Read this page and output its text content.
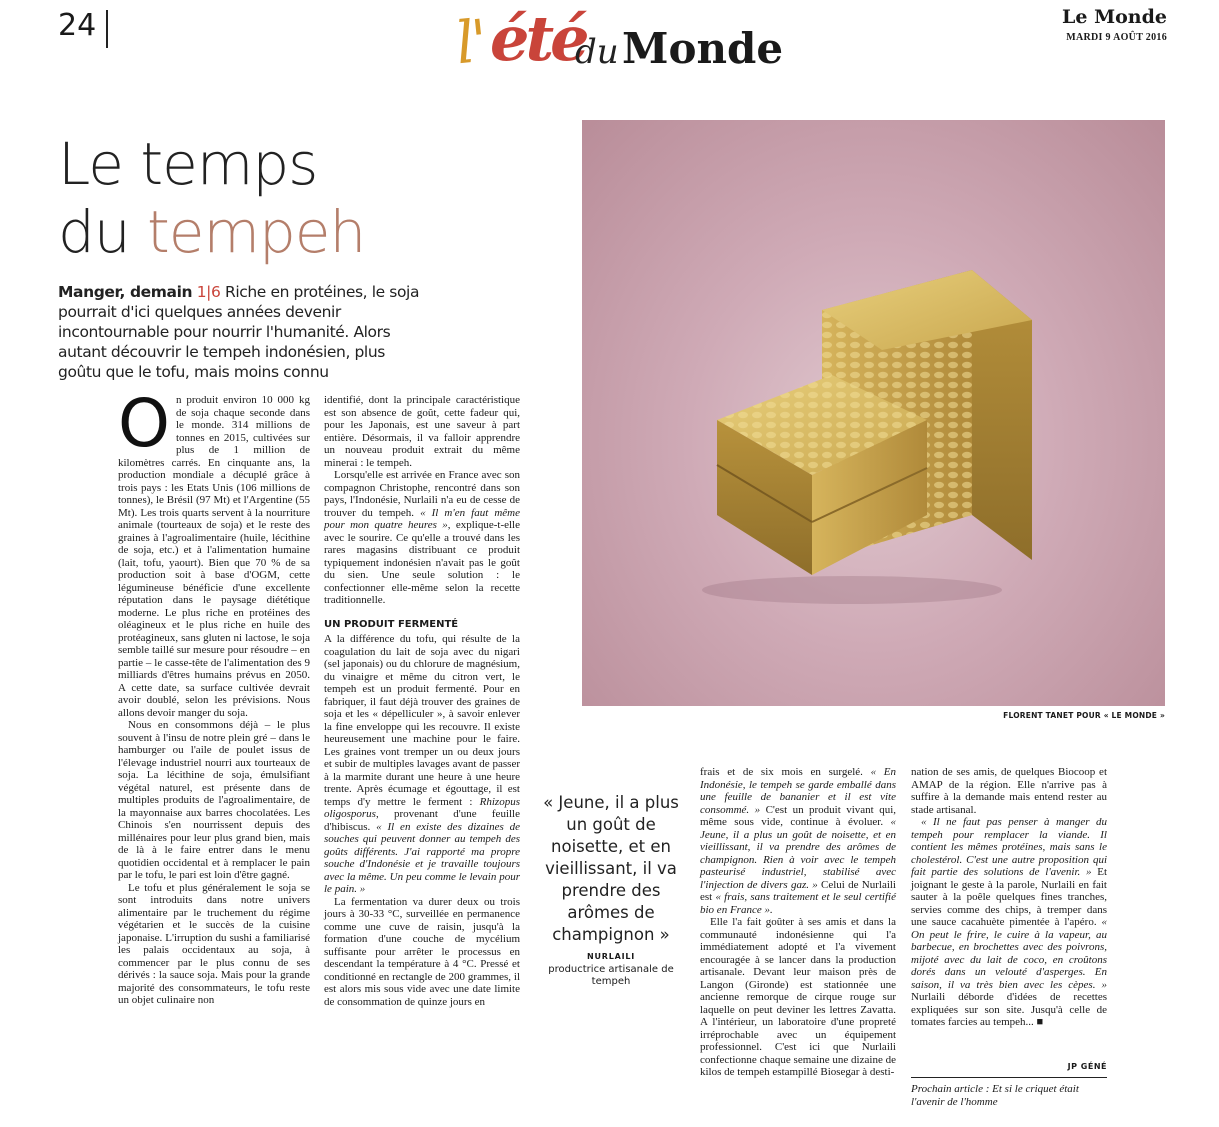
24	l' été
du Monde
Le Monde
MARDI 9 AOÛT 2016
Le temps
du tempeh
Manger, demain 1|6 Riche en protéines, le soja pourrait d'ici quelques années devenir incontournable pour nourrir l'humanité. Alors autant découvrir le tempeh indonésien, plus goûtu que le tofu, mais moins connu
FLORENT TANET POUR « LE MONDE »

On produit environ 10 000 kg de soja chaque seconde dans le monde. 314 millions de tonnes en 2015, cultivées sur plus de 1 million de kilomètres carrés. En cinquante ans, la production mondiale a décuplé grâce à trois pays : les Etats Unis (106 millions de tonnes), le Brésil (97 Mt) et l'Argentine (55 Mt). Les trois quarts servent à la nourriture animale (tourteaux de soja) et le reste des graines à l'agroalimentaire (huile, lécithine de soja, etc.) et à l'alimentation humaine (lait, tofu, yaourt). Bien que 70 % de sa production soit à base d'OGM, cette légumineuse bénéficie d'une excellente réputation dans le paysage diététique moderne. Le plus riche en protéines des oléagineux et le plus riche en huile des protéagineux, sans gluten ni lactose, le soja semble taillé sur mesure pour résoudre – en partie – le casse-tête de l'alimentation des 9 milliards d'êtres humains prévus en 2050. A cette date, sa surface cultivée devrait avoir doublé, selon les prévisions. Nous allons devoir manger du soja.

Nous en consommons déjà – le plus souvent à l'insu de notre plein gré – dans le hamburger ou l'aile de poulet issus de l'élevage industriel nourri aux tourteaux de soja. La lécithine de soja, émulsifiant végétal naturel, est présente dans de multiples produits de l'agroalimentaire, de la mayonnaise aux barres chocolatées. Les Chinois s'en nourrissent depuis des millénaires pour leur plus grand bien, mais de là à le faire entrer dans le menu quotidien occidental et à remplacer le pain par le tofu, le pari est loin d'être gagné.

Le tofu et plus généralement le soja se sont introduits dans notre univers alimentaire par le truchement du régime végétarien et le succès de la cuisine japonaise. L'irruption du sushi a familiarisé les palais occidentaux au soja, à commencer par le plus connu de ses dérivés : la sauce soja. Mais pour la grande majorité des consommateurs, le tofu reste un objet culinaire non

identifié, dont la principale caractéristique est son absence de goût, cette fadeur qui, pour les Japonais, est une saveur à part entière. Désormais, il va falloir apprendre un nouveau produit extrait du même minerai : le tempeh.

Lorsqu'elle est arrivée en France avec son compagnon Christophe, rencontré dans son pays, l'Indonésie, Nurlaili n'a eu de cesse de trouver du tempeh. « Il m'en faut même pour mon quatre heures », explique-t-elle avec le sourire. Ce qu'elle a trouvé dans les rares magasins distribuant ce produit typiquement indonésien n'avait pas le goût du sien. Une seule solution : le confectionner elle-même selon la recette traditionnelle.

UN PRODUIT FERMENTÉ

A la différence du tofu, qui résulte de la coagulation du lait de soja avec du nigari (sel japonais) ou du chlorure de magnésium, du vinaigre et même du citron vert, le tempeh est un produit fermenté. Pour en fabriquer, il faut déjà trouver des graines de soja et les « dépelliculer », à savoir enlever la fine enveloppe qui les recouvre. Il existe heureusement une machine pour le faire. Les graines vont tremper un ou deux jours et subir de multiples lavages avant de passer à la marmite durant une heure à une heure trente. Après écumage et égouttage, il est temps d'y mettre le ferment : Rhizopus oligosporus, provenant d'une feuille d'hibiscus. « Il en existe des dizaines de souches qui peuvent donner au tempeh des goûts différents. J'ai rapporté ma propre souche d'Indonésie et je travaille toujours avec la même. Un peu comme le levain pour le pain. »

La fermentation va durer deux ou trois jours à 30-33 °C, surveillée en permanence comme une cuve de raisin, jusqu'à la formation d'une couche de mycélium suffisante pour arrêter le processus en descendant la température à 4 °C. Pressé et conditionné en rectangle de 200 grammes, il est alors mis sous vide avec une date limite de consommation de quinze jours en

« Jeune, il a plus un goût de noisette, et en vieillissant, il va prendre des arômes de champignon »
NURLAILI
productrice artisanale de tempeh

frais et de six mois en surgelé. « En Indonésie, le tempeh se garde emballé dans une feuille de bananier et il est vite consommé. » C'est un produit vivant qui, même sous vide, continue à évoluer. « Jeune, il a plus un goût de noisette, et en vieillissant, il va prendre des arômes de champignon. Rien à voir avec le tempeh pasteurisé industriel, stabilisé avec l'injection de divers gaz. » Celui de Nurlaili est « frais, sans traitement et le seul certifié bio en France ».

Elle l'a fait goûter à ses amis et dans la communauté indonésienne qui l'a immédiatement adopté et l'a vivement encouragée à se lancer dans la production artisanale. Devant leur maison près de Langon (Gironde) est stationnée une ancienne remorque de cirque rouge sur laquelle on peut deviner les lettres Zavatta. A l'intérieur, un laboratoire d'une propreté irréprochable avec un équipement professionnel. C'est ici que Nurlaili confectionne chaque semaine une dizaine de kilos de tempeh estampillé Biosegar à desti-

nation de ses amis, de quelques Biocoop et AMAP de la région. Elle n'arrive pas à suffire à la demande mais entend rester au stade artisanal.

« Il ne faut pas penser à manger du tempeh pour remplacer la viande. Il contient les mêmes protéines, mais sans le cholestérol. C'est une autre proposition qui fait partie des solutions de l'avenir. » Et joignant le geste à la parole, Nurlaili en fait sauter à la poêle quelques fines tranches, servies comme des chips, à tremper dans une sauce cacahuète pimentée à l'apéro. « On peut le frire, le cuire à la vapeur, au barbecue, en brochettes avec des poivrons, mijoté avec du lait de coco, en croûtons dorés dans un velouté d'asperges. En saison, il va très bien avec les cèpes. » Nurlaili déborde d'idées de recettes expliquées sur son site. Jusqu'à celle de tomates farcies au tempeh... ■

JP GÉNÉ
Prochain article : Et si le criquet était l'avenir de l'homme
